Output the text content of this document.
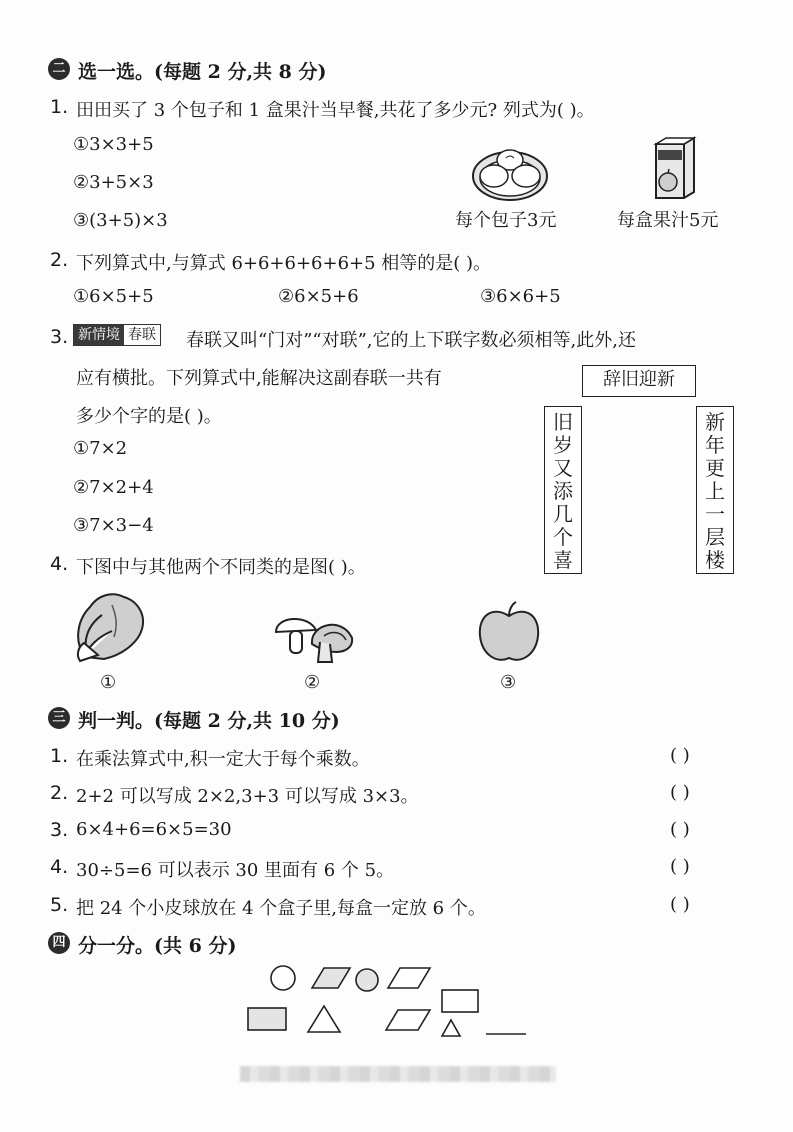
二 选一选。(每题 2 分,共 8 分)
1. 田田买了 3 个包子和 1 盒果汁当早餐,共花了多少元? 列式为( )。
①3×3+5
②3+5×3
③(3+5)×3	每个包子3元	每盒果汁5元
2. 下列算式中,与算式 6+6+6+6+6+5 相等的是( )。
①6×5+5	②6×5+6	③6×6+5
3. 新情境 春联 春联又叫“门对”“对联”,它的上下联字数必须相等,此外,还
应有横批。下列算式中,能解决这副春联一共有
多少个字的是( )。
①7×2
②7×2+4
③7×3−4
辞旧迎新
旧
岁
又
添
几
个
喜
新
年
更
上
一
层
楼
4. 下图中与其他两个不同类的是图( )。
①	②	③
三 判一判。(每题 2 分,共 10 分)
1. 在乘法算式中,积一定大于每个乘数。	( )
2. 2+2 可以写成 2×2,3+3 可以写成 3×3。	( )
3. 6×4+6=6×5=30	( )
4. 30÷5=6 可以表示 30 里面有 6 个 5。	( )
5. 把 24 个小皮球放在 4 个盒子里,每盒一定放 6 个。	( )
四 分一分。(共 6 分)
